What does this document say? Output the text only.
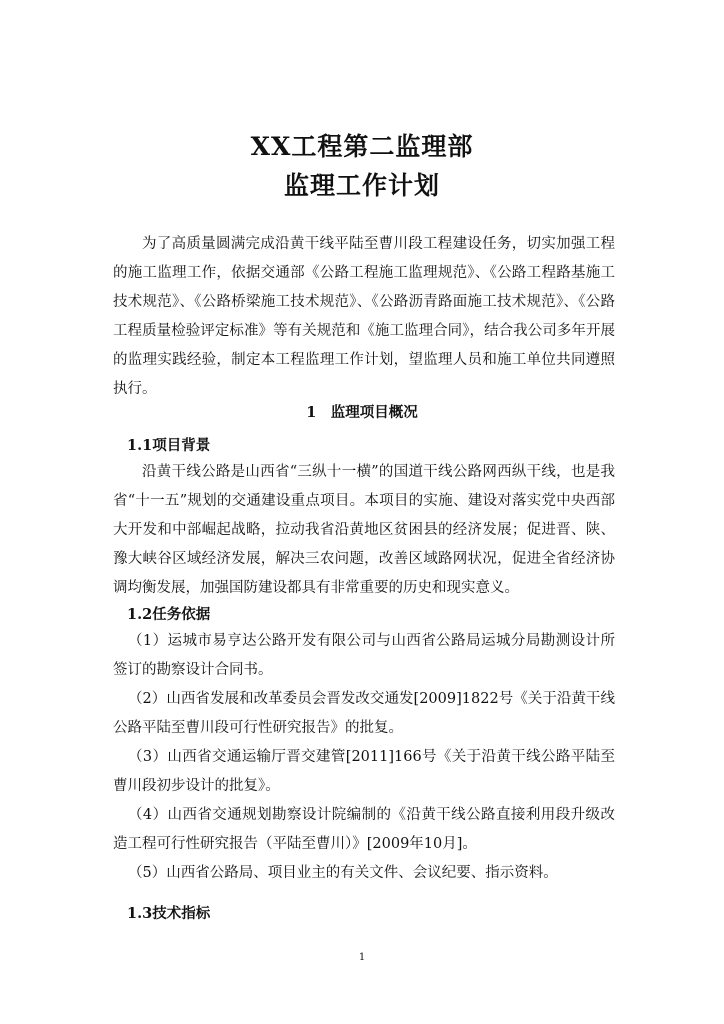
XX工程第二监理部
监理工作计划

为了高质量圆满完成沿黄干线平陆至曹川段工程建设任务，切实加强工程的施工监理工作，依据交通部《公路工程施工监理规范》、《公路工程路基施工技术规范》、《公路桥梁施工技术规范》、《公路沥青路面施工技术规范》、《公路工程质量检验评定标准》等有关规范和《施工监理合同》，结合我公司多年开展的监理实践经验，制定本工程监理工作计划，望监理人员和施工单位共同遵照执行。

1　监理项目概况
1.1项目背景

沿黄干线公路是山西省“三纵十一横”的国道干线公路网西纵干线，也是我省“十一五”规划的交通建设重点项目。本项目的实施、建设对落实党中央西部大开发和中部崛起战略，拉动我省沿黄地区贫困县的经济发展；促进晋、陕、豫大峡谷区域经济发展，解决三农问题，改善区域路网状况，促进全省经济协调均衡发展，加强国防建设都具有非常重要的历史和现实意义。

1.2任务依据

（1）运城市易亨达公路开发有限公司与山西省公路局运城分局勘测设计所签订的勘察设计合同书。

（2）山西省发展和改革委员会晋发改交通发[2009]1822号《关于沿黄干线公路平陆至曹川段可行性研究报告》的批复。

（3）山西省交通运输厅晋交建管[2011]166号《关于沿黄干线公路平陆至曹川段初步设计的批复》。

（4）山西省交通规划勘察设计院编制的《沿黄干线公路直接利用段升级改造工程可行性研究报告（平陆至曹川）》[2009年10月]。

（5）山西省公路局、项目业主的有关文件、会议纪要、指示资料。

1.3技术指标

1
